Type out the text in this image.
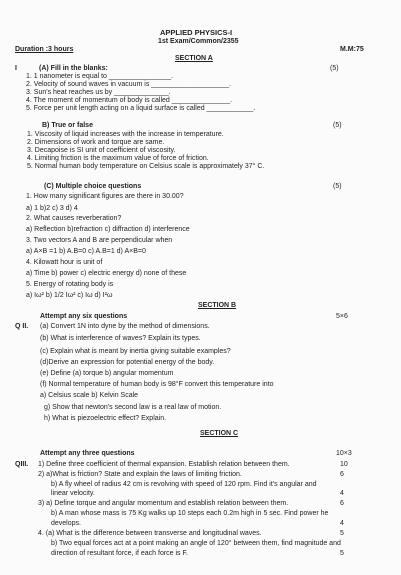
APPLIED PHYSICS-I
1st Exam/Common/2355
Duration :3 hours	M.M:75
SECTION A
I	(A) Fill in the blanks:	(5)
1. 1 nanometer is equal to ________________.
2. Velocity of sound waves in vacuum is ____________________.
3. Sun's heat reaches us by ______________.
4. The moment of momentum of body is called _______________.
5. Force per unit length acting on a liquid surface is called ____________.
B) True or false	(5)
1. Viscosity of liquid increases with the increase in temperature.
2. Dimensions of work and torque are same.
3. Decapoise is SI unit of coefficient of viscosity.
4. Limiting friction is the maximum value of force of friction.
5. Normal human body temperature on Celsius scale is approximately 37° C.
(C) Multiple choice questions	(5)
1. How many significant figures are there in 30.00?
a) 1 b)2 c) 3 d) 4
2. What causes reverberation?
a) Reflection b)refraction c) diffraction d) interference
3. Two vectors A and B are perpendicular when
a) A×B =1 b) A.B=0 c) A.B=1 d) A×B=0
4. Kilowatt hour is unit of
a) Time b) power c) electric energy d) none of these
5. Energy of rotating body is
a) Iω² b) 1/2 Iω² c) Iω d) I²ω
SECTION B
Attempt any six questions	5×6
Q II. (a) Convert 1N into dyne by the method of dimensions.
(b) What is interference of waves? Explain its types.
(c) Explain what is meant by inertia giving suitable examples?
(d)Derive an expression for potential energy of the body.
(e) Define (a) torque b) angular momentum
(f) Normal temperature of human body is 98°F convert this temperature into
a) Celsius scale b) Kelvin Scale
g) Show that newton's second law is a real law of motion.
h) What is piezoelectric effect? Explain.
SECTION C
Attempt any three questions	10×3
QIII. 1) Define three coefficient of thermal expansion. Establish relation between them.	10
2) a)What is friction? State and explain the laws of limiting friction.	6
b) A fly wheel of radius 42 cm is revolving with speed of 120 rpm. Find it's angular and
linear velocity.	4
3) a) Define torque and angular momentum and establish relation between them.	6
b) A man whose mass is 75 Kg walks up 10 steps each 0.2m high in 5 sec. Find power he
develops.	4
4. (a) What is the difference between transverse and longitudinal waves.	5
b) Two equal forces act at a point making an angle of 120° between them, find magnitude and
direction of resultant force, if each force is F.	5
